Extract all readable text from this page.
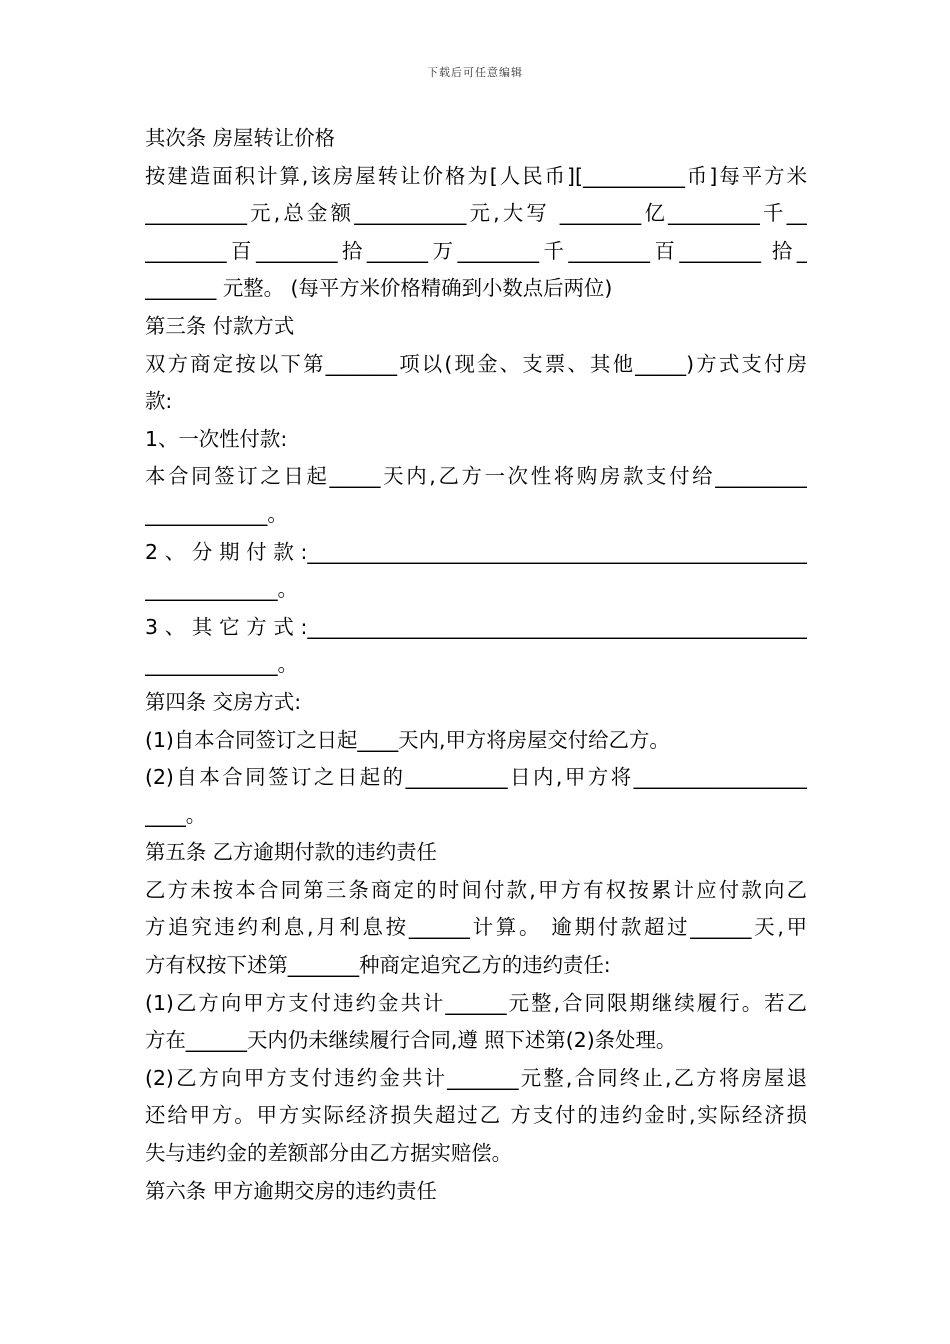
下载后可任意编辑
其次条 房屋转让价格
按建造面积计算,该房屋转让价格为[人民币][__________币]每平方米
__________元,总金额___________元,大写 ________亿_________千__
________百________拾______万________千________百________ 拾_
_______ 元整。 (每平方米价格精确到小数点后两位)
第三条 付款方式
双方商定按以下第_______项以(现金、支票、其他_____)方式支付房
款:
1、一次性付款:
本合同签订之日起_____天内,乙方一次性将购房款支付给_________
____________。
2、分期付款:_________________________________________________
_____________。
3、其它方式:_________________________________________________
_____________。
第四条 交房方式:
(1)自本合同签订之日起____天内,甲方将房屋交付给乙方。
(2)自本合同签订之日起的__________日内,甲方将_________________
____。
第五条 乙方逾期付款的违约责任
乙方未按本合同第三条商定的时间付款,甲方有权按累计应付款向乙
方追究违约利息,月利息按______计算。 逾期付款超过______天,甲
方有权按下述第_______种商定追究乙方的违约责任:
(1)乙方向甲方支付违约金共计______元整,合同限期继续履行。若乙
方在______天内仍未继续履行合同,遵 照下述第(2)条处理。
(2)乙方向甲方支付违约金共计_______元整,合同终止,乙方将房屋退
还给甲方。甲方实际经济损失超过乙 方支付的违约金时,实际经济损
失与违约金的差额部分由乙方据实赔偿。
第六条 甲方逾期交房的违约责任
